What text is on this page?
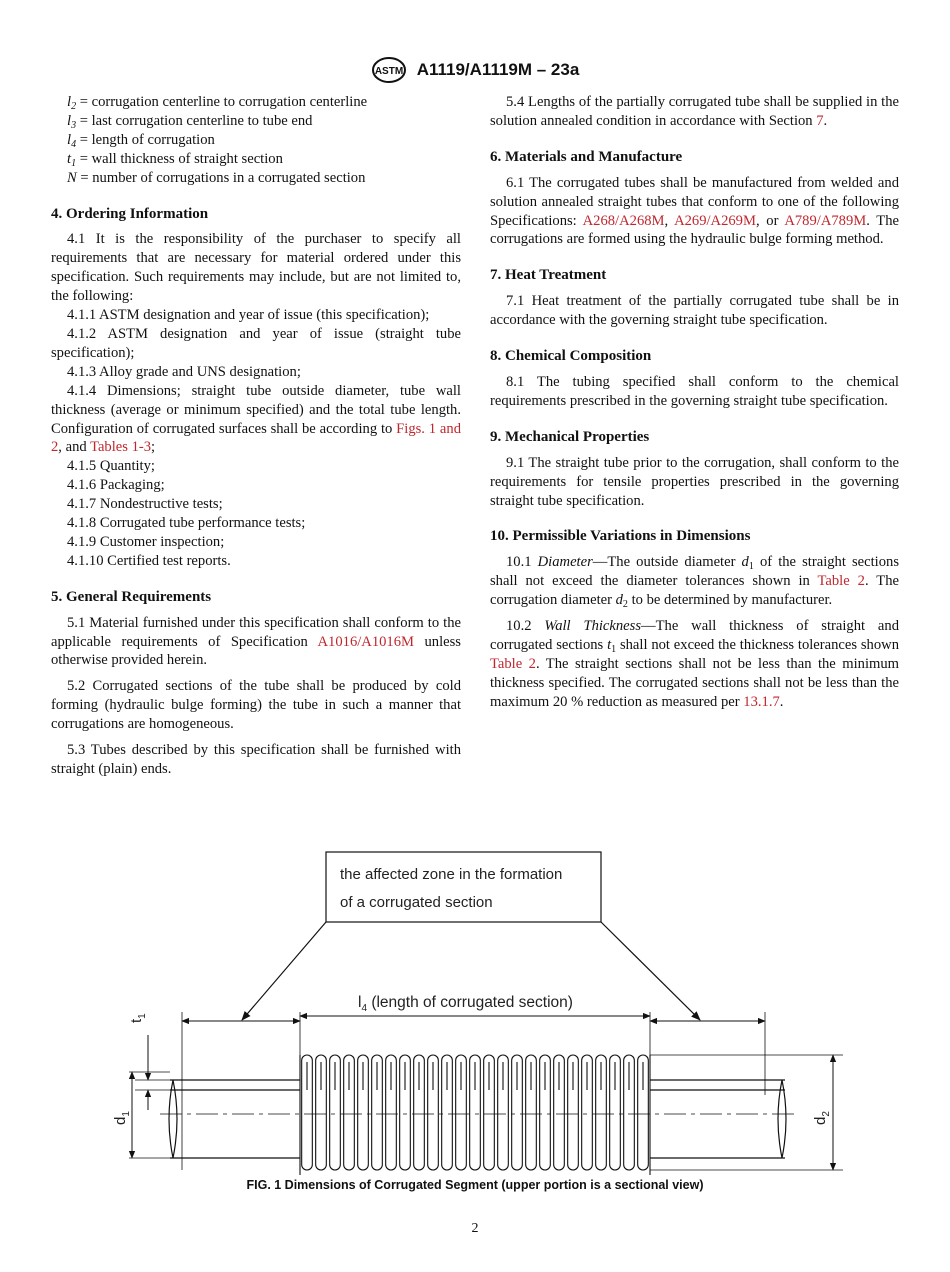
ASTM A1119/A1119M – 23a

$l_2$ = corrugation centerline to corrugation centerline

$l_3$ = last corrugation centerline to tube end

$l_4$ = length of corrugation

$t_1$ = wall thickness of straight section

N = number of corrugations in a corrugated section

4. Ordering Information

4.1 It is the responsibility of the purchaser to specify all requirements that are necessary for material ordered under this specification. Such requirements may include, but are not limited to, the following:

4.1.1 ASTM designation and year of issue (this specification);

4.1.2 ASTM designation and year of issue (straight tube specification);

4.1.3 Alloy grade and UNS designation;

4.1.4 Dimensions; straight tube outside diameter, tube wall thickness (average or minimum specified) and the total tube length. Configuration of corrugated surfaces shall be according to Figs. 1 and 2, and Tables 1-3;

4.1.5 Quantity;

4.1.6 Packaging;

4.1.7 Nondestructive tests;

4.1.8 Corrugated tube performance tests;

4.1.9 Customer inspection;

4.1.10 Certified test reports.

5. General Requirements

5.1 Material furnished under this specification shall conform to the applicable requirements of Specification A1016/A1016M unless otherwise provided herein.

5.2 Corrugated sections of the tube shall be produced by cold forming (hydraulic bulge forming) the tube in such a manner that corrugations are homogeneous.

5.3 Tubes described by this specification shall be furnished with straight (plain) ends.

5.4 Lengths of the partially corrugated tube shall be supplied in the solution annealed condition in accordance with Section 7.

6. Materials and Manufacture

6.1 The corrugated tubes shall be manufactured from welded and solution annealed straight tubes that conform to one of the following Specifications: A268/A268M, A269/A269M, or A789/A789M. The corrugations are formed using the hydraulic bulge forming method.

7. Heat Treatment

7.1 Heat treatment of the partially corrugated tube shall be in accordance with the governing straight tube specification.

8. Chemical Composition

8.1 The tubing specified shall conform to the chemical requirements prescribed in the governing straight tube specification.

9. Mechanical Properties

9.1 The straight tube prior to the corrugation, shall conform to the requirements for tensile properties prescribed in the governing straight tube specification.

10. Permissible Variations in Dimensions

10.1 Diameter—The outside diameter $d_1$ of the straight sections shall not exceed the diameter tolerances shown in Table 2. The corrugation diameter $d_2$ to be determined by manufacturer.

10.2 Wall Thickness—The wall thickness of straight and corrugated sections $t_1$ shall not exceed the thickness tolerances shown Table 2. The straight sections shall not be less than the minimum thickness specified. The corrugated sections shall not be less than the maximum 20 % reduction as measured per 13.1.7.

the affected zone in the formation
of a corrugated section
$l_4$ (length of corrugated section)
$t_1$
$d_1$
$d_2$
FIG. 1 Dimensions of Corrugated Segment (upper portion is a sectional view)
2
